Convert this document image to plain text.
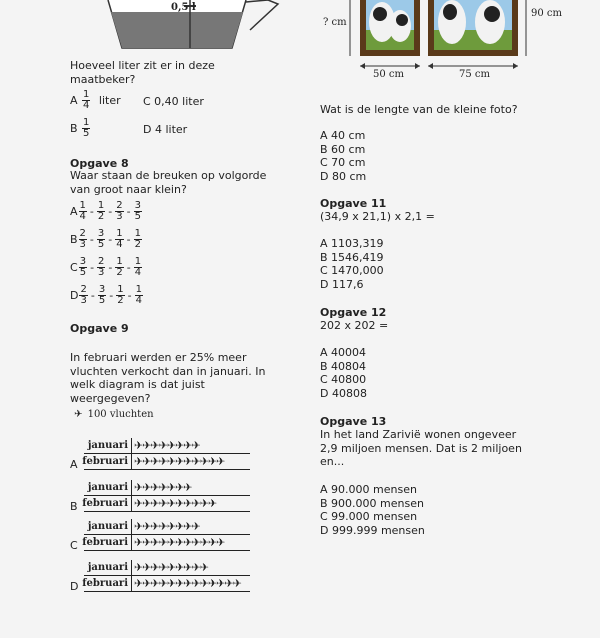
0,5 l
Hoeveel liter zit er in deze
maatbeker?
A $\frac{1}{4}$ liter C 0,40 liter
B $\frac{1}{5}$	D 4 liter
Opgave 8
Waar staan de breuken op volgorde
van groot naar klein?
A $\frac{1}{4} - \frac{1}{2} - \frac{2}{3} - \frac{3}{5}$
B $\frac{2}{3} - \frac{3}{5} - \frac{1}{4} - \frac{1}{2}$
C $\frac{3}{5} - \frac{2}{3} - \frac{1}{2} - \frac{1}{4}$
D $\frac{2}{3} - \frac{3}{5} - \frac{1}{2} - \frac{1}{4}$
Opgave 9
In februari werden er 25% meer
vluchten verkocht dan in januari. In
welk diagram is dat juist
weergegeven?
✈ 100 vluchten
A
januari
februari
✈✈✈✈✈✈✈✈
✈✈✈✈✈✈✈✈✈✈✈
B
januari
februari
✈✈✈✈✈✈✈
✈✈✈✈✈✈✈✈✈✈
C
januari
februari
✈✈✈✈✈✈✈✈
✈✈✈✈✈✈✈✈✈✈✈
D
januari
februari
✈✈✈✈✈✈✈✈✈
✈✈✈✈✈✈✈✈✈✈✈✈✈
? cm
90 cm
50 cm	75 cm
Wat is de lengte van de kleine foto?
A 40 cm
B 60 cm
C 70 cm
D 80 cm
Opgave 11
(34,9 x 21,1) x 2,1 =
A 1103,319
B 1546,419
C 1470,000
D 117,6
Opgave 12
202 x 202 =
A 40004
B 40804
C 40800
D 40808
Opgave 13
In het land Zarivië wonen ongeveer
2,9 miljoen mensen. Dat is 2 miljoen
en...
A 90.000 mensen
B 900.000 mensen
C 99.000 mensen
D 999.999 mensen
